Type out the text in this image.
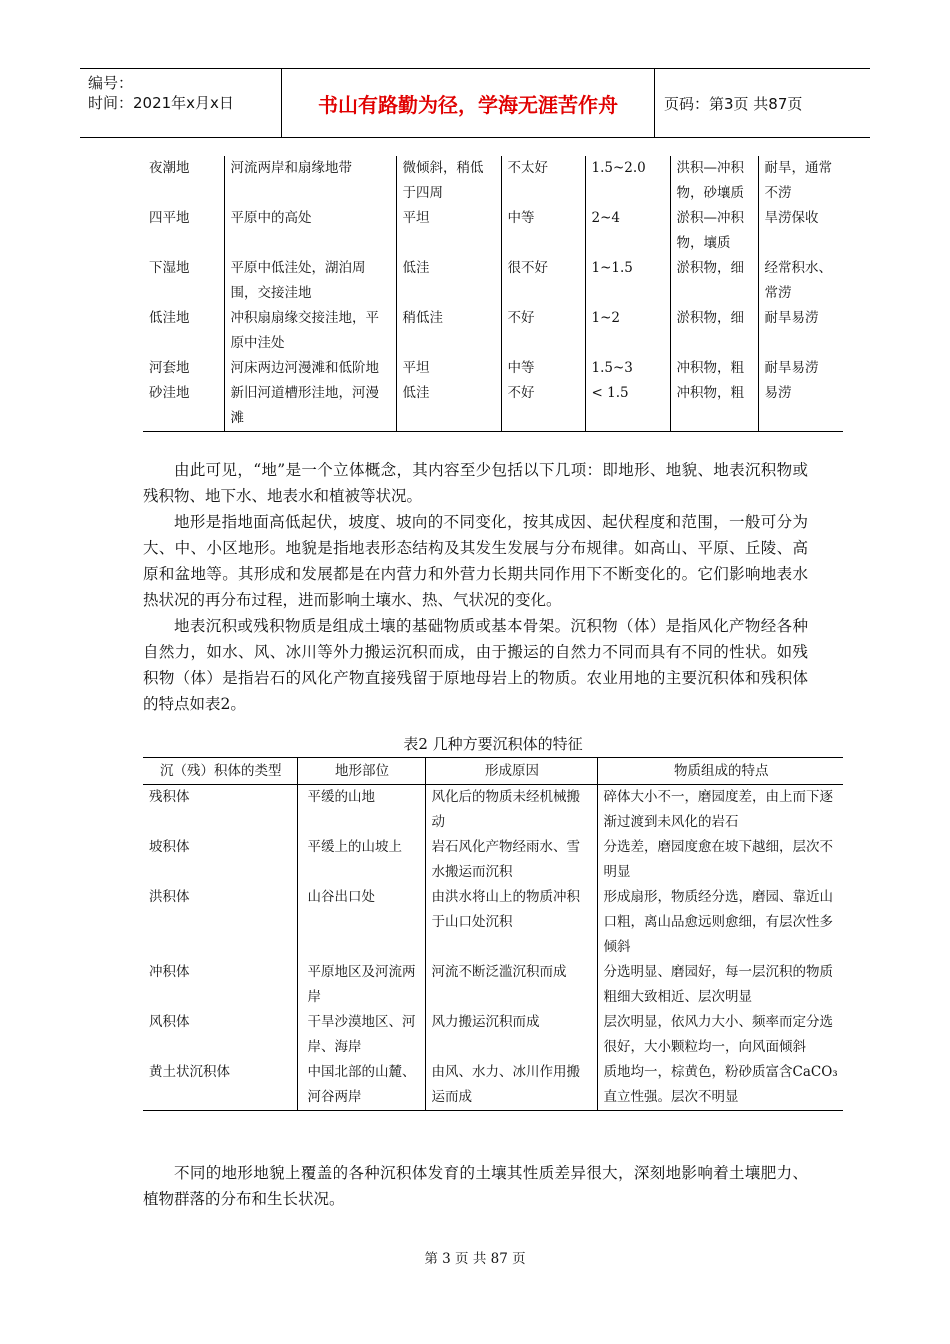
编号：
时间：2021年x月x日	书山有路勤为径，学海无涯苦作舟	页码：第3页 共87页
夜潮地	河流两岸和扇缘地带	微倾斜，稍低于四周	不太好	1.5~2.0	洪积—冲积物，砂壤质	耐旱，通常不涝
四平地	平原中的高处	平坦	中等	2~4	淤积—冲积物，壤质	旱涝保收
下湿地	平原中低洼处，湖泊周围，交接洼地	低洼	很不好	1~1.5	淤积物，细	经常积水、常涝
低洼地	冲积扇扇缘交接洼地，平原中洼处	稍低洼	不好	1~2	淤积物，细	耐旱易涝
河套地	河床两边河漫滩和低阶地	平坦	中等	1.5~3	冲积物，粗	耐旱易涝
砂洼地	新旧河道槽形洼地，河漫滩	低洼	不好	< 1.5	冲积物，粗	易涝

由此可见，“地”是一个立体概念，其内容至少包括以下几项：即地形、地貌、地表沉积物或残积物、地下水、地表水和植被等状况。

地形是指地面高低起伏，坡度、坡向的不同变化，按其成因、起伏程度和范围，一般可分为大、中、小区地形。地貌是指地表形态结构及其发生发展与分布规律。如高山、平原、丘陵、高原和盆地等。其形成和发展都是在内营力和外营力长期共同作用下不断变化的。它们影响地表水热状况的再分布过程，进而影响土壤水、热、气状况的变化。

地表沉积或残积物质是组成土壤的基础物质或基本骨架。沉积物（体）是指风化产物经各种自然力，如水、风、冰川等外力搬运沉积而成，由于搬运的自然力不同而具有不同的性状。如残积物（体）是指岩石的风化产物直接残留于原地母岩上的物质。农业用地的主要沉积体和残积体的特点如表2。

表2 几种方要沉积体的特征
沉（残）积体的类型	地形部位	形成原因	物质组成的特点
残积体	平缓的山地	风化后的物质未经机械搬动	碎体大小不一，磨园度差，由上而下逐渐过渡到未风化的岩石
坡积体	平缓上的山坡上	岩石风化产物经雨水、雪水搬运而沉积	分选差，磨园度愈在坡下越细，层次不明显
洪积体	山谷出口处	由洪水将山上的物质冲积于山口处沉积	形成扇形，物质经分选，磨园、靠近山口粗，离山品愈远则愈细，有层次性多倾斜
冲积体	平原地区及河流两岸	河流不断泛滥沉积而成	分选明显、磨园好，每一层沉积的物质粗细大致相近、层次明显
风积体	干旱沙漠地区、河岸、海岸	风力搬运沉积而成	层次明显，依风力大小、频率而定分选很好，大小颗粒均一，向风面倾斜
黄土状沉积体	中国北部的山麓、河谷两岸	由风、水力、冰川作用搬运而成	质地均一，棕黄色，粉砂质富含CaCO₃直立性强。层次不明显

不同的地形地貌上覆盖的各种沉积体发育的土壤其性质差异很大，深刻地影响着土壤肥力、植物群落的分布和生长状况。

第 3 页 共 87 页
